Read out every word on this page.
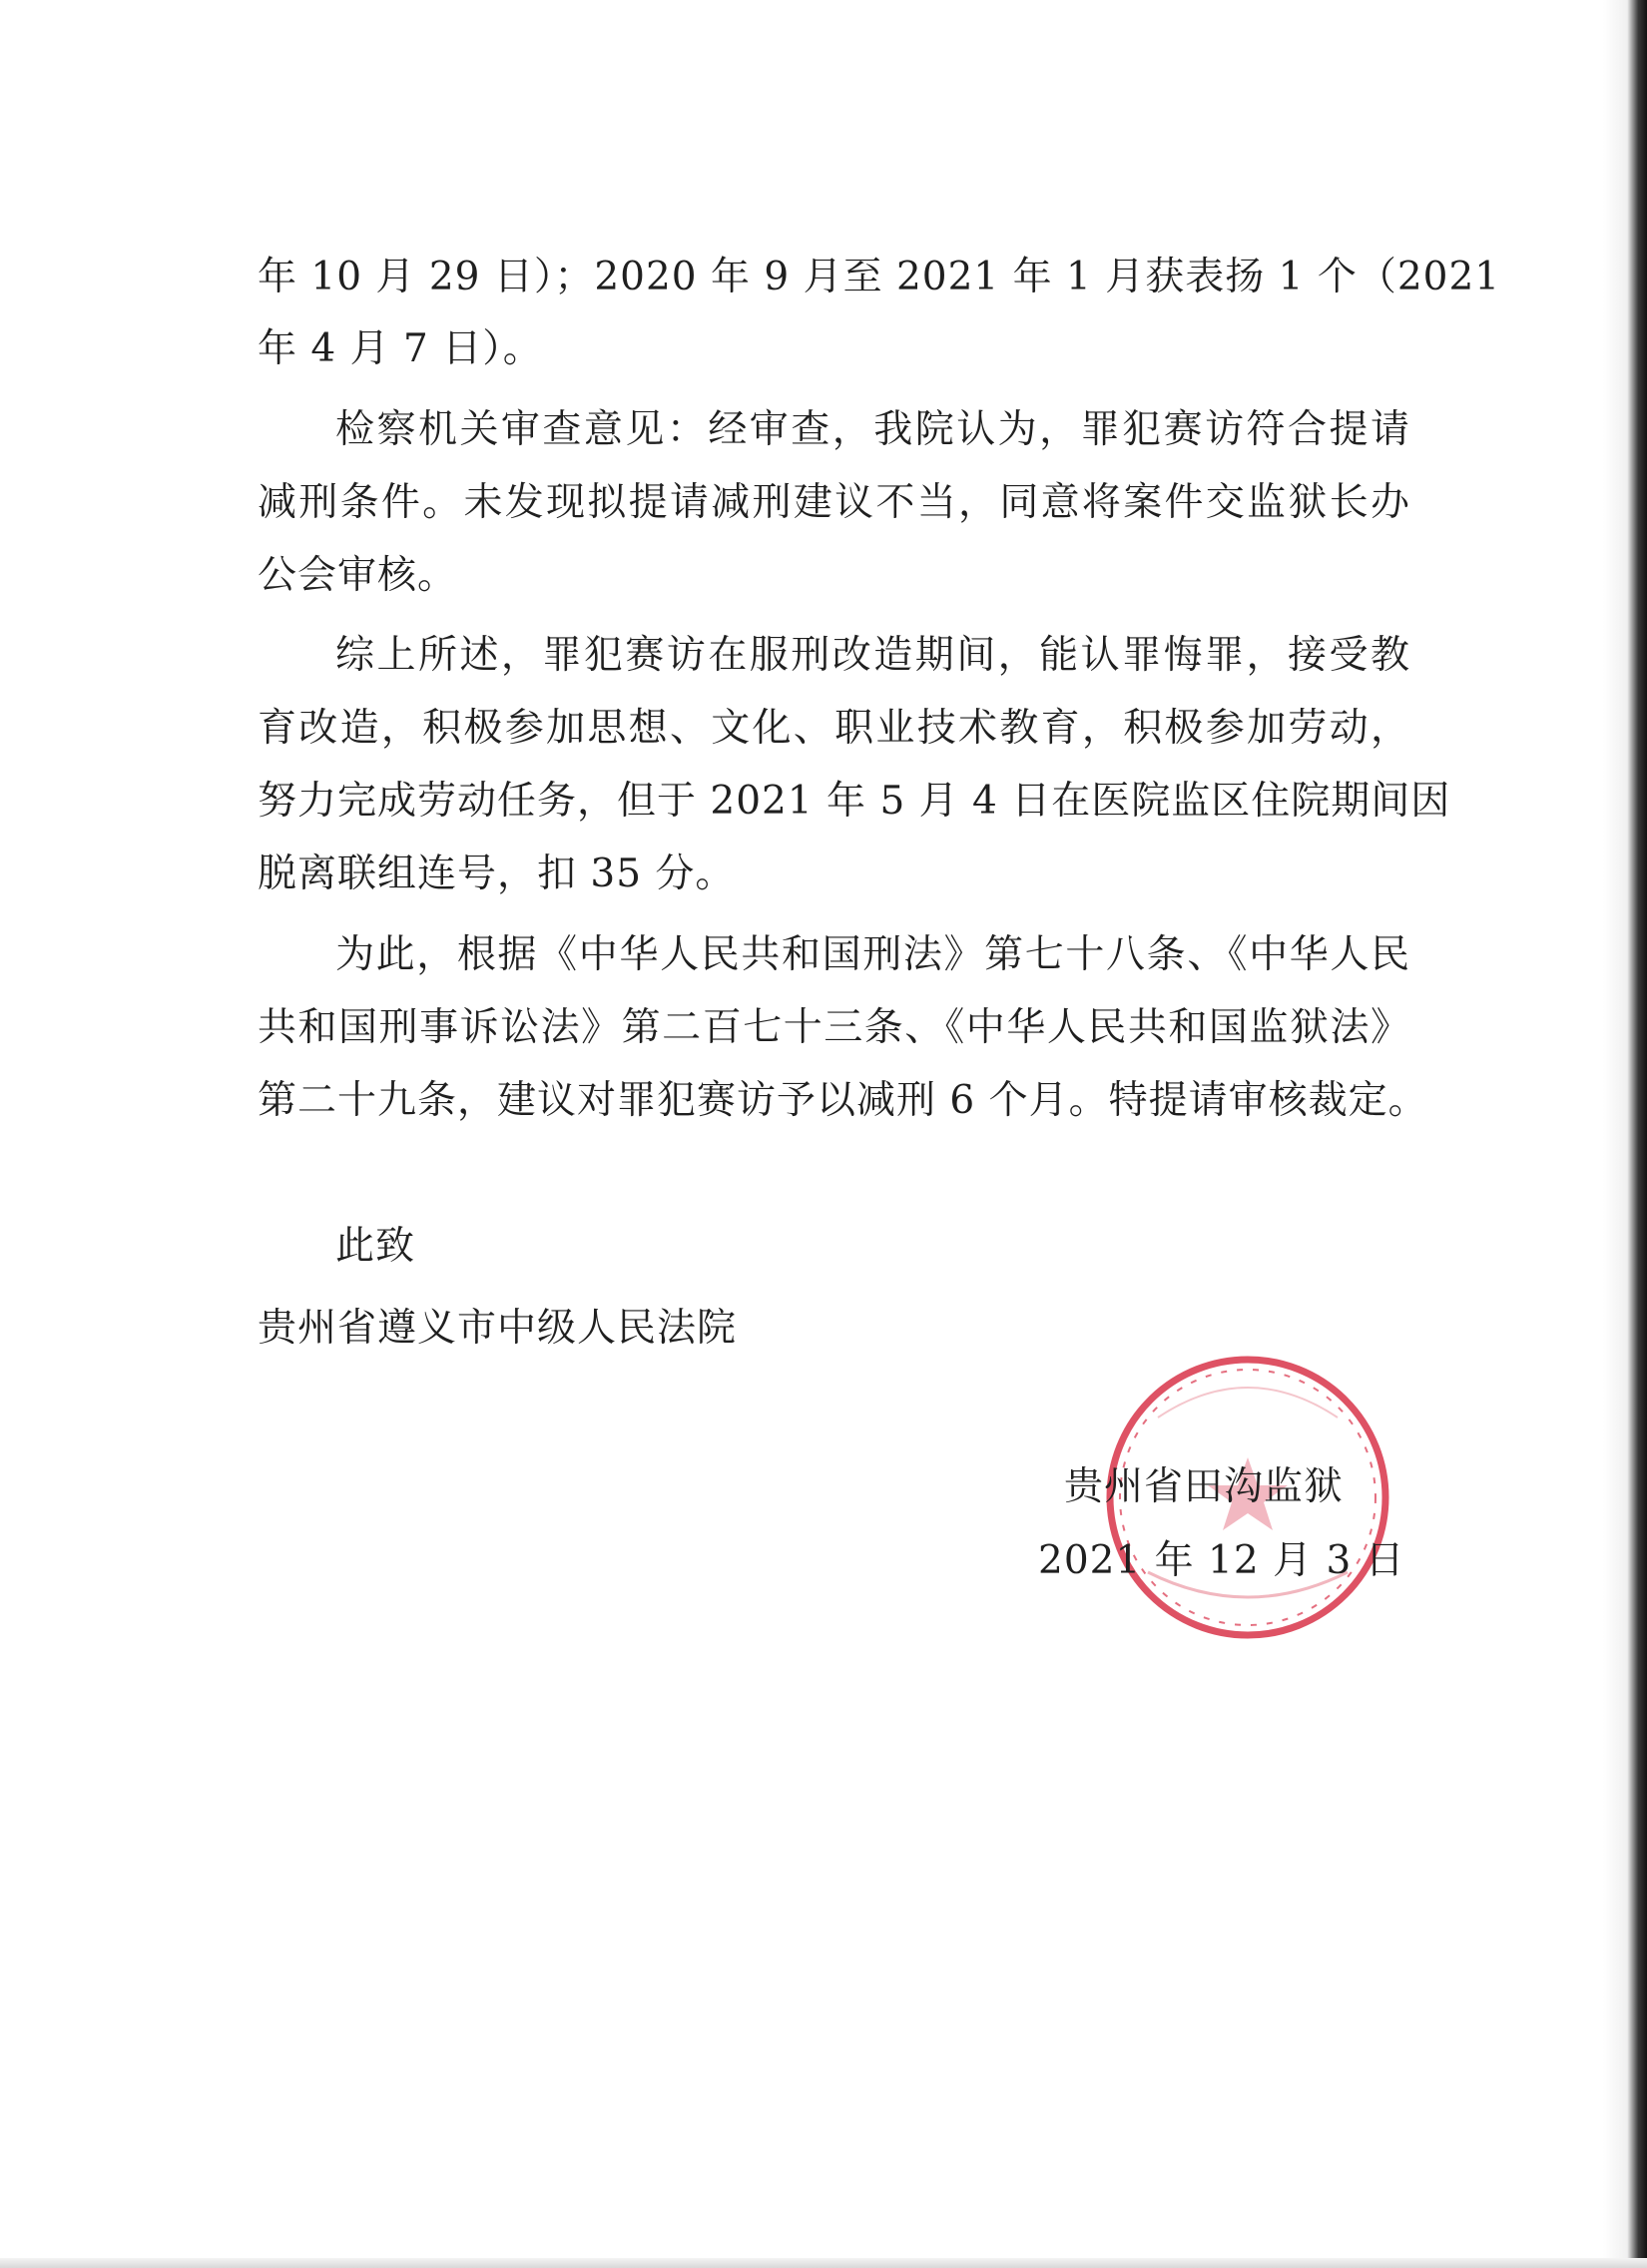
年 10 月 29 日）；2020 年 9 月至 2021 年 1 月获表扬 1 个（2021
年 4 月 7 日）。
检察机关审查意见：经审查，我院认为，罪犯赛访符合提请
减刑条件。未发现拟提请减刑建议不当，同意将案件交监狱长办
公会审核。
综上所述，罪犯赛访在服刑改造期间，能认罪悔罪，接受教
育改造，积极参加思想、文化、职业技术教育，积极参加劳动，
努力完成劳动任务，但于 2021 年 5 月 4 日在医院监区住院期间因
脱离联组连号，扣 35 分。
为此，根据《中华人民共和国刑法》第七十八条、《中华人民
共和国刑事诉讼法》第二百七十三条、《中华人民共和国监狱法》
第二十九条，建议对罪犯赛访予以减刑 6 个月。特提请审核裁定。
此致
贵州省遵义市中级人民法院
贵州省田沟监狱
2021 年 12 月 3 日
